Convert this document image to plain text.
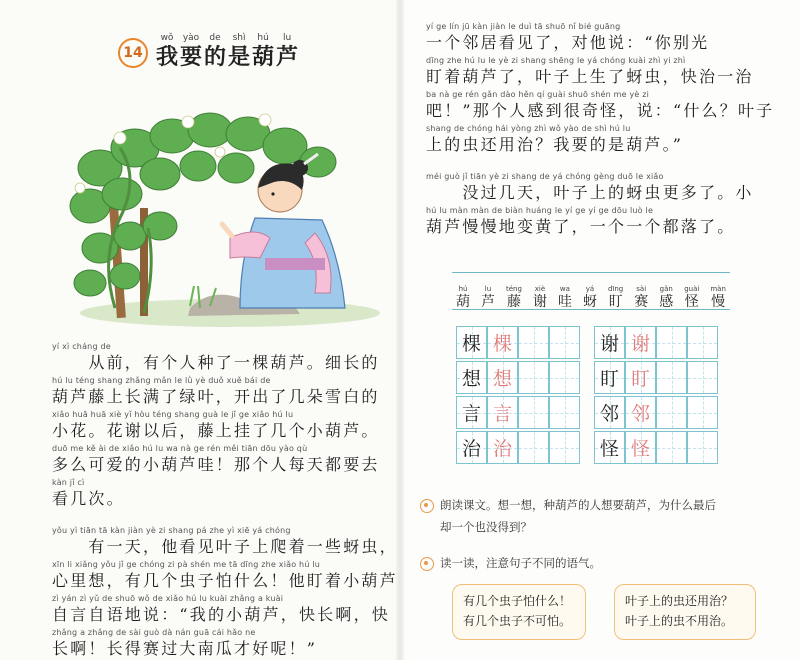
14
wǒ
我
yào
要
de
的
shì
是
hú
葫
lu
芦
yí xì cháng de
　　从前，有个人种了一棵葫芦。细长的
hú lu téng shang zhǎng mǎn le lǜ yè duǒ xuě bái de
葫芦藤上长满了绿叶，开出了几朵雪白的
xiǎo huā huā xiè yǐ hòu téng shang guà le jǐ ge xiǎo hú lu
小花。花谢以后，藤上挂了几个小葫芦。
duō me kě ài de xiǎo hú lu wa nà ge rén měi tiān dōu yào qù
多么可爱的小葫芦哇！那个人每天都要去
kàn jǐ cì
看几次。
yǒu yì tiān tā kàn jiàn yè zi shang pá zhe yì xiē yá chóng
　　有一天，他看见叶子上爬着一些蚜虫，
xīn li xiǎng yǒu jǐ ge chóng zi pà shén me tā dīng zhe xiǎo hú lu
心里想，有几个虫子怕什么！他盯着小葫芦
zì yán zì yǔ de shuō wǒ de xiǎo hú lu kuài zhǎng a kuài
自言自语地说：“我的小葫芦，快长啊，快
zhǎng a zhǎng de sài guò dà nán guā cái hǎo ne
长啊！长得赛过大南瓜才好呢！”
yí ge lín jū kàn jiàn le duì tā shuō nǐ bié guāng
一个邻居看见了，对他说：“你别光
dīng zhe hú lu le yè zi shang shēng le yá chóng kuài zhì yi zhì
盯着葫芦了，叶子上生了蚜虫，快治一治
ba nà ge rén gǎn dào hěn qí guài shuō shén me yè zi
吧！”那个人感到很奇怪，说：“什么？叶子
shang de chóng hái yòng zhì wǒ yào de shì hú lu
上的虫还用治？我要的是葫芦。”
méi guò jǐ tiān yè zi shang de yá chóng gèng duō le xiǎo
　　没过几天，叶子上的蚜虫更多了。小
hú lu màn màn de biàn huáng le yí ge yí ge dōu luò le
葫芦慢慢地变黄了，一个一个都落了。
hú
葫
lu
芦
téng
藤
xiè
谢
wa
哇
yá
蚜
dīng
盯
sài
赛
gǎn
感
guài
怪
màn
慢
棵 棵	谢 谢
想 想	盯 盯
言 言	邻 邻
治 治	怪 怪
朗读课文。想一想，种葫芦的人想要葫芦，为什么最后
却一个也没得到？
读一读，注意句子不同的语气。
有几个虫子怕什么！
有几个虫子不可怕。
叶子上的虫还用治？
叶子上的虫不用治。
